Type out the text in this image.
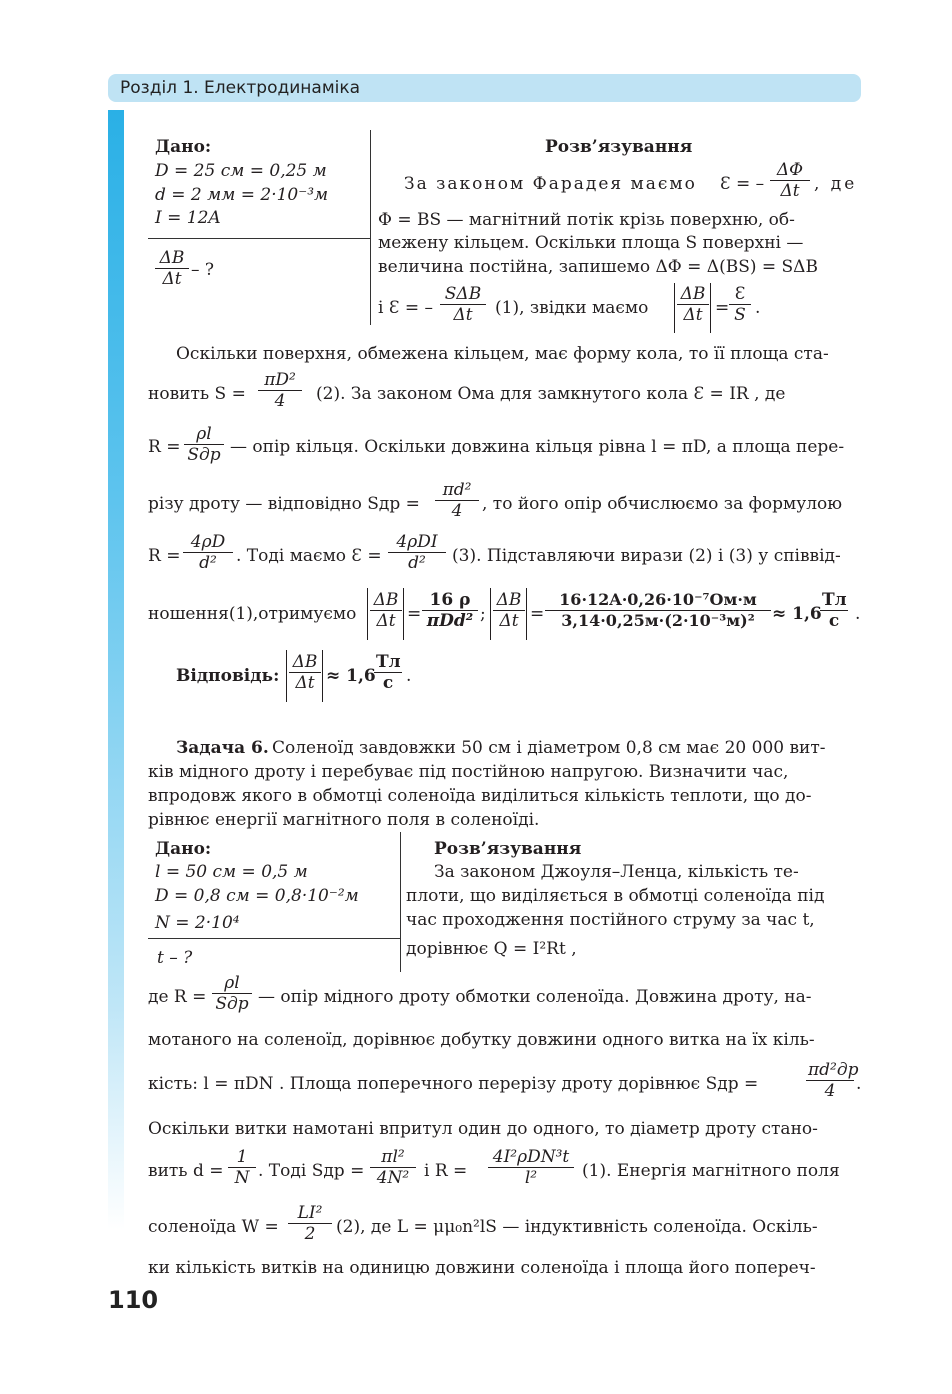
Розділ 1. Електродинаміка
Дано:
D = 25 см = 0,25 м
d = 2 мм = 2·10⁻³м
I = 12A
$\frac{\Delta B}{\Delta t}$ – ?
Розв’язування
За законом Фарадея маємо Ɛ = – $\frac{\Delta\Phi}{\Delta t}$ , де
Φ = BS — магнітний потік крізь поверхню, об-
межену кільцем. Оскільки площа S поверхні —
величина постійна, запишемо ΔΦ = Δ(BS) = SΔB
і Ɛ = –
SΔB
Δt	(1), звідки маємо $\frac{\Delta B}{\Delta t} = \frac{Ɛ}{S}$ .
Оскільки поверхня, обмежена кільцем, має форму кола, то її площа ста-
новить $S = \frac{\text{πD²}}{4} (2)$. За законом Ома для замкнутого кола Ɛ = IR , де
R =
ρl
Sдр — опір кільця. Оскільки довжина кільця рівна l = πD, а площа пере-
різу дроту — відповідно Sдр = $\frac{\text{πd²}}{4}$ , то його опір обчислюємо за формулою
$R = \frac{4\rho D}{\text{d²}}$ . Тоді маємо Ɛ =
4ρDI
d²	(3). Підставляючи вирази (2) і (3) у співвід-
ношення(1),отримуємо $\frac{\Delta B}{\Delta t}$ =
16 ρ
πDd² ; $\frac{\Delta B}{\Delta t}$ =
16·12A·0,26·10⁻⁷Ом·м
3,14·0,25м·(2·10⁻³м)²	≈ 1,6
Тл
с .
Відповідь: $\frac{\Delta B}{\Delta t} \approx 1,6$
Тл
с .
Задача 6. Соленоїд завдовжки 50 см і діаметром 0,8 см має 20 000 вит-
ків мідного дроту і перебуває під постійною напругою. Визначити час,
впродовж якого в обмотці соленоїда виділиться кількість теплоти, що до-
рівнює енергії магнітного поля в соленоїді.
Дано:
l = 50 см = 0,5 м
D = 0,8 см = 0,8·10⁻²м
N = 2·10⁴
t – ?
Розв’язування
За законом Джоуля–Ленца, кількість те-
плоти, що виділяється в обмотці соленоїда під
час проходження постійного струму за час t,
дорівнює Q = I²Rt ,
де R =
ρl
Sдр — опір мідного дроту обмотки соленоїда. Довжина дроту, на-
мотаного на соленоїд, дорівнює добутку довжини одного витка на їх кіль-
кість: l = πDN . Площа поперечного перерізу дроту дорівнює Sдр =
πd²др
4	.
Оскільки витки намотані впритул один до одного, то діаметр дроту стано-
вить $d = \frac{1}{N}$ . Тоді Sдр = $\frac{\text{πl²}}{\text{4N²}}$ і R =
4I²ρDN³t
l²	(1). Енергія магнітного поля
соленоїда $W = \frac{\text{LI²}}{2} (2)$, де L = μμ₀n²lS — індуктивність соленоїда. Оскіль-
ки кількість витків на одиницю довжини соленоїда і площа його попереч-
110
